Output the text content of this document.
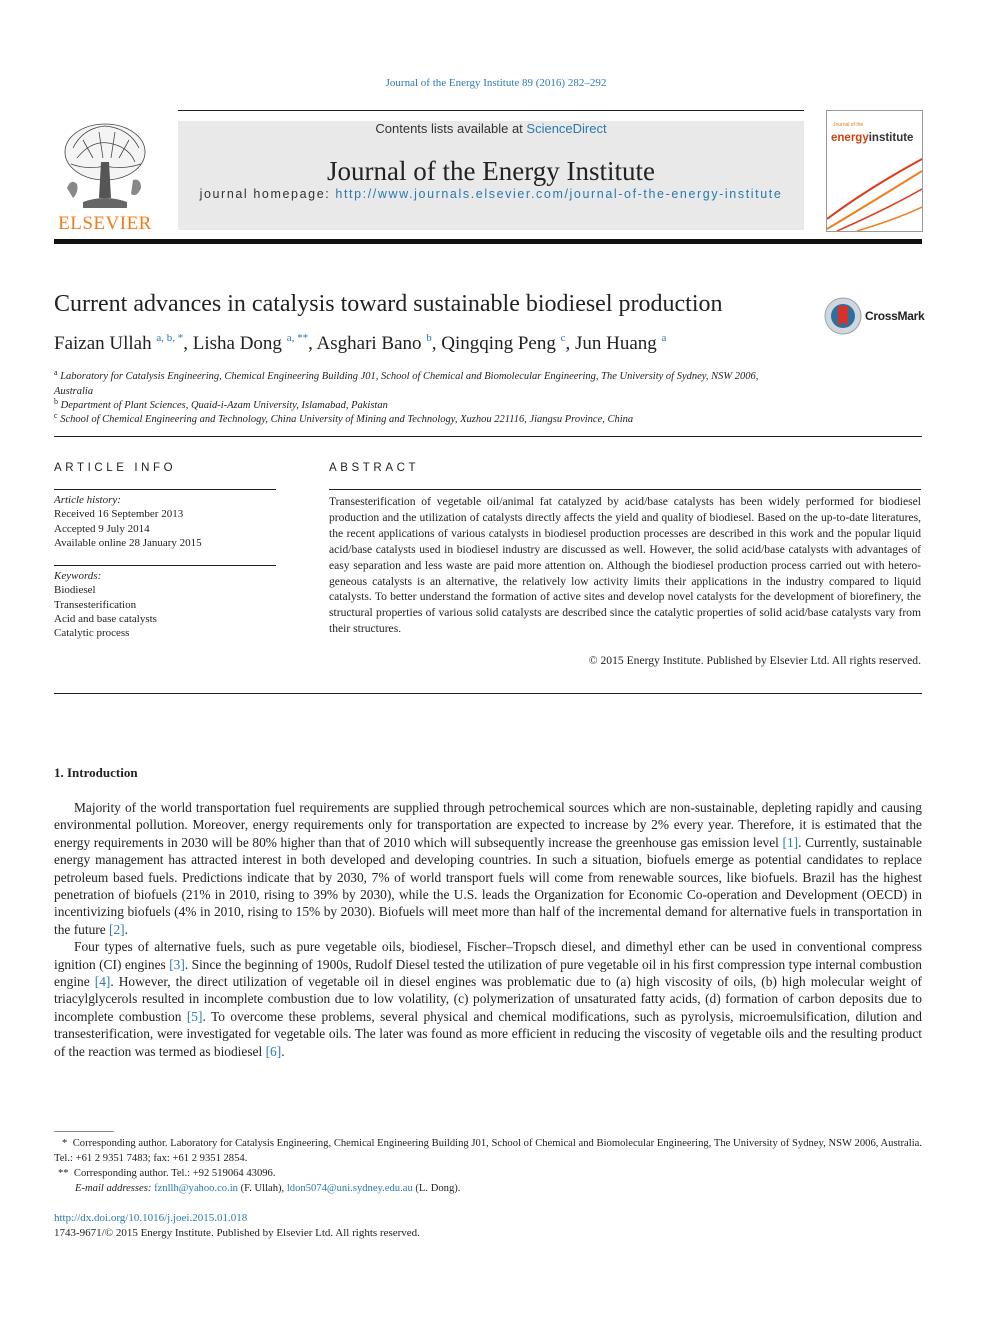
Journal of the Energy Institute 89 (2016) 282–292
ELSEVIER
Contents lists available at ScienceDirect
Journal of the Energy Institute
journal homepage: http://www.journals.elsevier.com/journal-of-the-energy-institute
Journal of the
energyinstitute
Current advances in catalysis toward sustainable biodiesel production	CrossMark
Faizan Ullah $^{a, b, *}$, Lisha Dong $^{a, **}$, Asghari Bano $^b$, Qingqing Peng $^c$, Jun Huang $^a$
$^a$ Laboratory for Catalysis Engineering, Chemical Engineering Building J01, School of Chemical and Biomolecular Engineering, The University of Sydney, NSW 2006, Australia
$^b$ Department of Plant Sciences, Quaid-i-Azam University, Islamabad, Pakistan
$^c$ School of Chemical Engineering and Technology, China University of Mining and Technology, Xuzhou 221116, Jiangsu Province, China
ARTICLE INFO	ABSTRACT
Article history:
Received 16 September 2013
Accepted 9 July 2014
Available online 28 January 2015
Keywords:
Biodiesel
Transesterification
Acid and base catalysts
Catalytic process
Transesterification of vegetable oil/animal fat catalyzed by acid/base catalysts has been widely performed for biodiesel production and the utilization of catalysts directly affects the yield and quality of biodiesel. Based on the up-to-date literatures, the recent applications of various catalysts in biodiesel production processes are described in this work and the popular liquid acid/base catalysts used in biodiesel industry are discussed as well. However, the solid acid/base catalysts with advantages of easy separation and less waste are paid more attention on. Although the biodiesel production process carried out with heterogeneous catalysts is an alternative, the relatively low activity limits their applications in the industry compared to liquid catalysts. To better understand the formation of active sites and develop novel catalysts for the development of biorefinery, the structural properties of various solid catalysts are described since the catalytic properties of solid acid/base catalysts vary from their structures.
© 2015 Energy Institute. Published by Elsevier Ltd. All rights reserved.
1. Introduction

Majority of the world transportation fuel requirements are supplied through petrochemical sources which are non-sustainable, depleting rapidly and causing environmental pollution. Moreover, energy requirements only for transportation are expected to increase by 2% every year. Therefore, it is estimated that the energy requirements in 2030 will be 80% higher than that of 2010 which will subsequently increase the greenhouse gas emission level [1]. Currently, sustainable energy management has attracted interest in both developed and developing countries. In such a situation, biofuels emerge as potential candidates to replace petroleum based fuels. Predictions indicate that by 2030, 7% of world transport fuels will come from renewable sources, like biofuels. Brazil has the highest penetration of biofuels (21% in 2010, rising to 39% by 2030), while the U.S. leads the Organization for Economic Co-operation and Development (OECD) in incentivizing biofuels (4% in 2010, rising to 15% by 2030). Biofuels will meet more than half of the incremental demand for alternative fuels in transportation in the future [2].

Four types of alternative fuels, such as pure vegetable oils, biodiesel, Fischer–Tropsch diesel, and dimethyl ether can be used in conventional compress ignition (CI) engines [3]. Since the beginning of 1900s, Rudolf Diesel tested the utilization of pure vegetable oil in his first compression type internal combustion engine [4]. However, the direct utilization of vegetable oil in diesel engines was problematic due to (a) high viscosity of oils, (b) high molecular weight of triacylglycerols resulted in incomplete combustion due to low volatility, (c) polymerization of unsaturated fatty acids, (d) formation of carbon deposits due to incomplete combustion [5]. To overcome these problems, several physical and chemical modifications, such as pyrolysis, microemulsification, dilution and transesterification, were investigated for vegetable oils. The later was found as more efficient in reducing the viscosity of vegetable oils and the resulting product of the reaction was termed as biodiesel [6].

* Corresponding author. Laboratory for Catalysis Engineering, Chemical Engineering Building J01, School of Chemical and Biomolecular Engineering, The University of Sydney, NSW 2006, Australia. Tel.: +61 2 9351 7483; fax: +61 2 9351 2854.
** Corresponding author. Tel.: +92 519064 43096.
E-mail addresses: fznllh@yahoo.co.in (F. Ullah), ldon5074@uni.sydney.edu.au (L. Dong).
http://dx.doi.org/10.1016/j.joei.2015.01.018
1743-9671/© 2015 Energy Institute. Published by Elsevier Ltd. All rights reserved.
